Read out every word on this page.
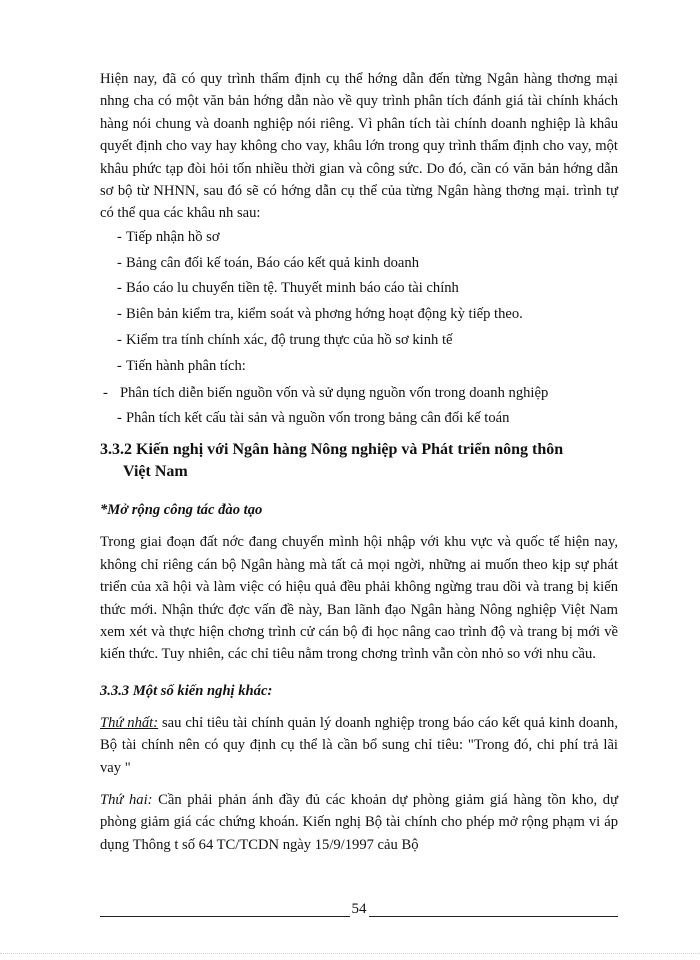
Hiện nay, đã có quy trình thẩm định cụ thể hớng dẫn đến từng Ngân hàng thơng mại nhng cha có một văn bản hớng dẫn nào về quy trình phân tích đánh giá tài chính khách hàng nói chung và doanh nghiệp nói riêng. Vì phân tích tài chính doanh nghiệp là khâu quyết định cho vay hay không cho vay, khâu lớn trong quy trình thẩm định cho vay, một khâu phức tạp đòi hỏi tốn nhiều thời gian và công sức. Do đó, cần có văn bản hớng dẫn sơ bộ từ NHNN, sau đó sẽ có hớng dẫn cụ thể của từng Ngân hàng thơng mại. trình tự có thể qua các khâu nh sau:

- Tiếp nhận hồ sơ
- Bảng cân đối kế toán, Báo cáo kết quả kinh doanh
- Báo cáo lu chuyển tiền tệ. Thuyết minh báo cáo tài chính
- Biên bản kiểm tra, kiểm soát và phơng hớng hoạt động kỳ tiếp theo.
- Kiểm tra tính chính xác, độ trung thực của hồ sơ kinh tế
- Tiến hành phân tích:
- Phân tích diễn biến nguồn vốn và sử dụng nguồn vốn trong doanh nghiệp
- Phân tích kết cấu tài sản và nguồn vốn trong bảng cân đối kế toán
3.3.2 Kiến nghị với Ngân hàng Nông nghiệp và Phát triển nông thôn
Việt Nam
*Mở rộng công tác đào tạo

Trong giai đoạn đất nớc đang chuyển mình hội nhập với khu vực và quốc tế hiện nay, không chỉ riêng cán bộ Ngân hàng mà tất cả mọi ngời, những ai muốn theo kịp sự phát triển của xã hội và làm việc có hiệu quả đều phải không ngừng trau dồi và trang bị kiến thức mới. Nhận thức đợc vấn đề này, Ban lãnh đạo Ngân hàng Nông nghiệp Việt Nam xem xét và thực hiện chơng trình cử cán bộ đi học nâng cao trình độ và trang bị mới về kiến thức. Tuy nhiên, các chỉ tiêu nằm trong chơng trình vẫn còn nhỏ so với nhu cầu.

3.3.3 Một số kiến nghị khác:

Thứ nhất: sau chỉ tiêu tài chính quản lý doanh nghiệp trong báo cáo kết quả kinh doanh, Bộ tài chính nên có quy định cụ thể là cần bổ sung chỉ tiêu: "Trong đó, chi phí trả lãi vay "

Thứ hai: Cần phải phản ánh đầy đủ các khoản dự phòng giảm giá hàng tồn kho, dự phòng giảm giá các chứng khoán. Kiến nghị Bộ tài chính cho phép mở rộng phạm vi áp dụng Thông t số 64 TC/TCDN ngày 15/9/1997 cảu Bộ

54
